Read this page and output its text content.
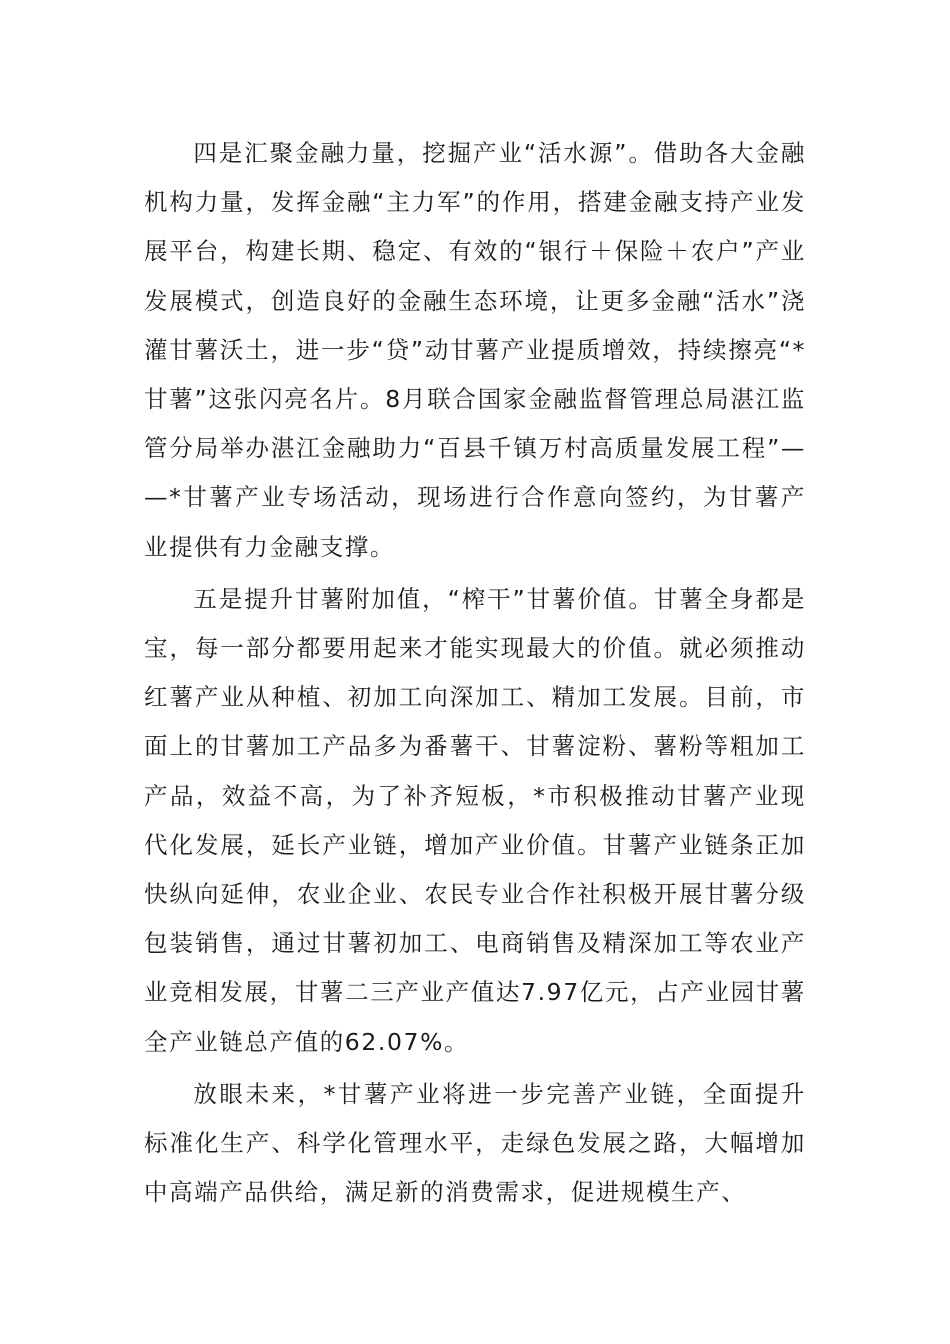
四是汇聚金融力量，挖掘产业“活水源”。借助各大金融机构力量，发挥金融“主力军”的作用，搭建金融支持产业发展平台，构建长期、稳定、有效的“银行＋保险＋农户”产业发展模式，创造良好的金融生态环境，让更多金融“活水”浇灌甘薯沃土，进一步“贷”动甘薯产业提质增效，持续擦亮“*甘薯”这张闪亮名片。8月联合国家金融监督管理总局湛江监管分局举办湛江金融助力“百县千镇万村高质量发展工程”——*甘薯产业专场活动，现场进行合作意向签约，为甘薯产业提供有力金融支撑。

五是提升甘薯附加值，“榨干”甘薯价值。甘薯全身都是宝，每一部分都要用起来才能实现最大的价值。就必须推动红薯产业从种植、初加工向深加工、精加工发展。目前，市面上的甘薯加工产品多为番薯干、甘薯淀粉、薯粉等粗加工产品，效益不高，为了补齐短板，*市积极推动甘薯产业现代化发展，延长产业链，增加产业价值。甘薯产业链条正加快纵向延伸，农业企业、农民专业合作社积极开展甘薯分级包装销售，通过甘薯初加工、电商销售及精深加工等农业产业竞相发展，甘薯二三产业产值达7.97亿元，占产业园甘薯全产业链总产值的62.07%。

放眼未来，*甘薯产业将进一步完善产业链，全面提升标准化生产、科学化管理水平，走绿色发展之路，大幅增加中高端产品供给，满足新的消费需求，促进规模生产、
